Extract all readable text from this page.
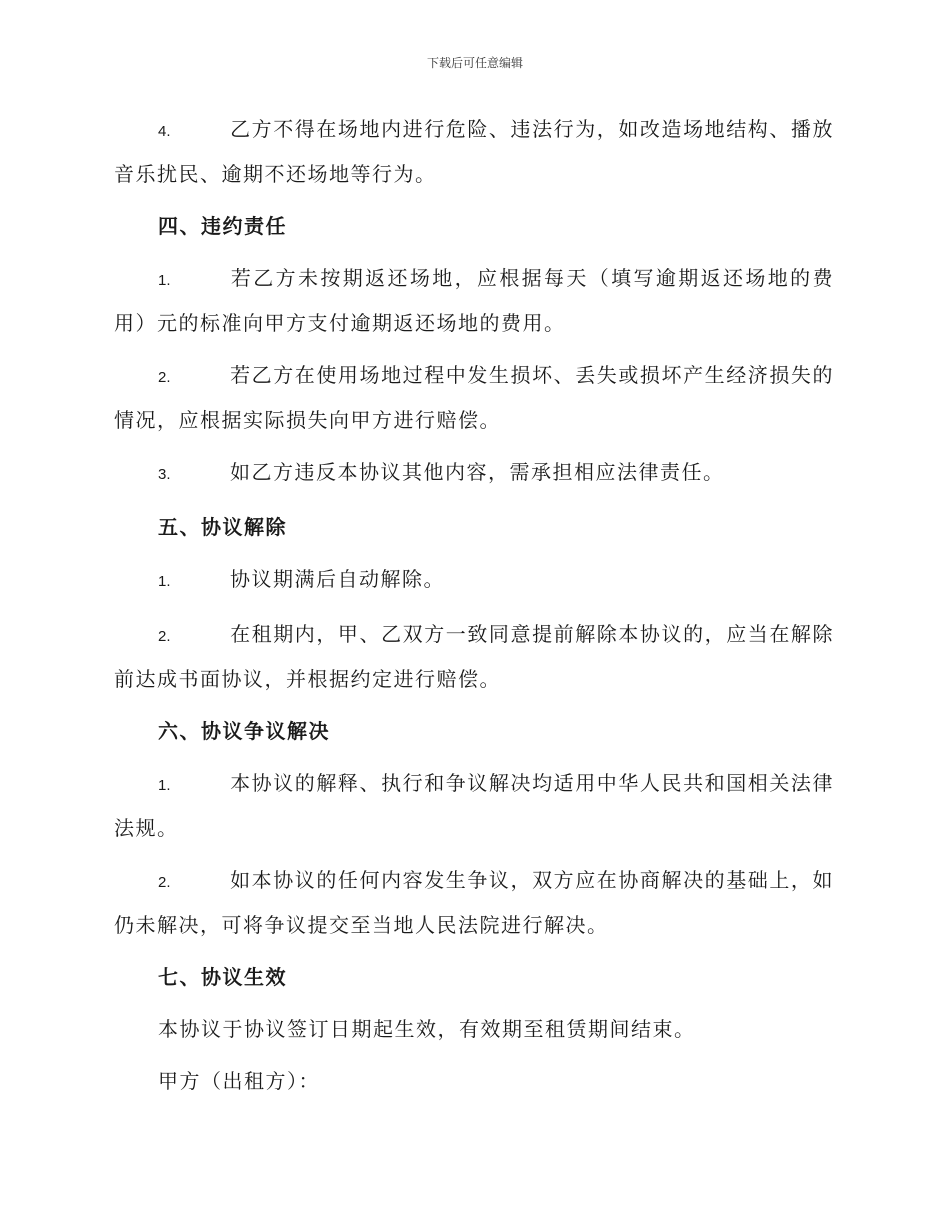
下载后可任意编辑

4.	乙方不得在场地内进行危险、违法行为，如改造场地结构、播放音乐扰民、逾期不还场地等行为。

四、违约责任

1.	若乙方未按期返还场地，应根据每天（填写逾期返还场地的费用）元的标准向甲方支付逾期返还场地的费用。

2.	若乙方在使用场地过程中发生损坏、丢失或损坏产生经济损失的情况，应根据实际损失向甲方进行赔偿。

3.	如乙方违反本协议其他内容，需承担相应法律责任。

五、协议解除

1.	协议期满后自动解除。

2.	在租期内，甲、乙双方一致同意提前解除本协议的，应当在解除前达成书面协议，并根据约定进行赔偿。

六、协议争议解决

1.	本协议的解释、执行和争议解决均适用中华人民共和国相关法律法规。

2.	如本协议的任何内容发生争议，双方应在协商解决的基础上，如仍未解决，可将争议提交至当地人民法院进行解决。

七、协议生效

本协议于协议签订日期起生效，有效期至租赁期间结束。

甲方（出租方）：
